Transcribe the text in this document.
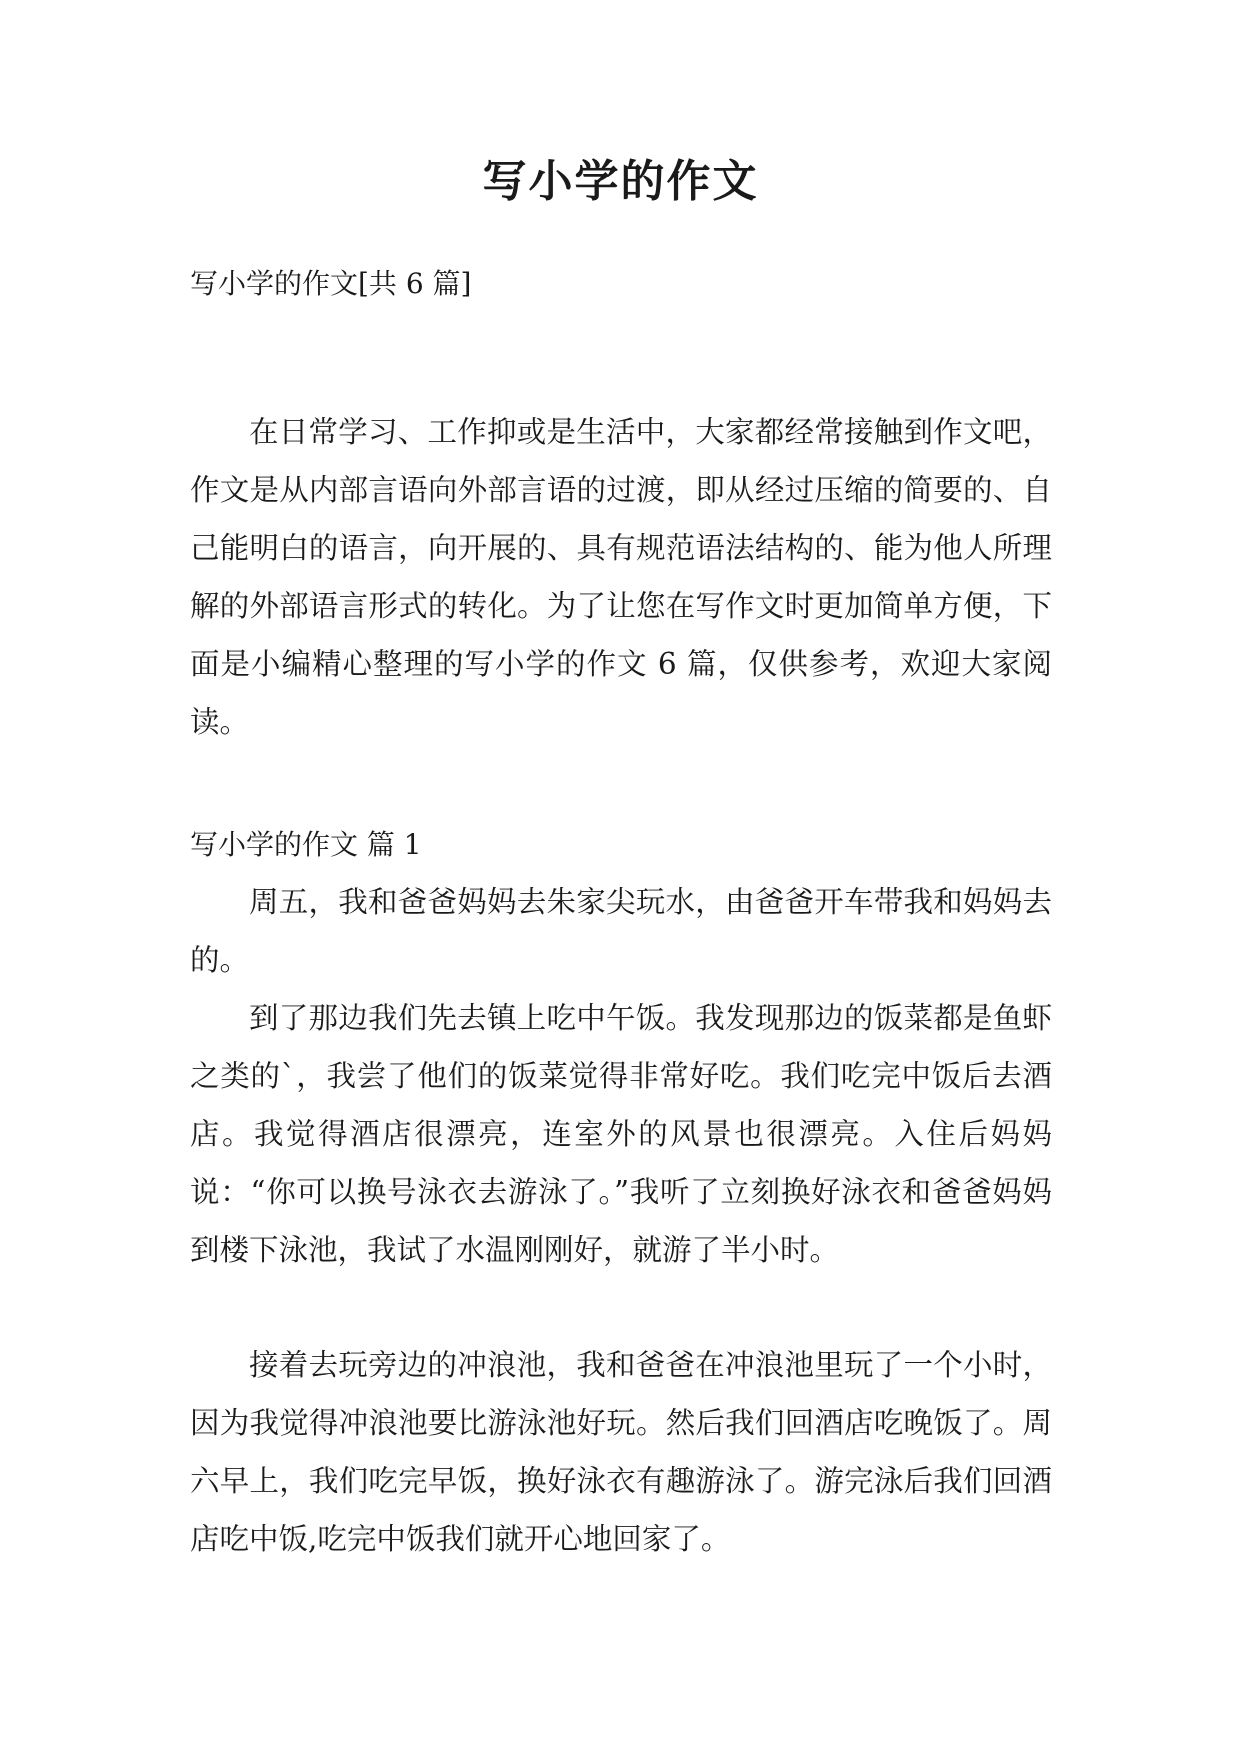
写小学的作文
写小学的作文[共 6 篇]

在日常学习、工作抑或是生活中，大家都经常接触到作文吧，作文是从内部言语向外部言语的过渡，即从经过压缩的简要的、自己能明白的语言，向开展的、具有规范语法结构的、能为他人所理解的外部语言形式的转化。为了让您在写作文时更加简单方便，下面是小编精心整理的写小学的作文 6 篇，仅供参考，欢迎大家阅读。

写小学的作文 篇 1

周五，我和爸爸妈妈去朱家尖玩水，由爸爸开车带我和妈妈去的。

到了那边我们先去镇上吃中午饭。我发现那边的饭菜都是鱼虾之类的`，我尝了他们的饭菜觉得非常好吃。我们吃完中饭后去酒店。我觉得酒店很漂亮，连室外的风景也很漂亮。入住后妈妈说：“你可以换号泳衣去游泳了。”我听了立刻换好泳衣和爸爸妈妈到楼下泳池，我试了水温刚刚好，就游了半小时。

接着去玩旁边的冲浪池，我和爸爸在冲浪池里玩了一个小时，因为我觉得冲浪池要比游泳池好玩。然后我们回酒店吃晚饭了。周六早上，我们吃完早饭，换好泳衣有趣游泳了。游完泳后我们回酒店吃中饭,吃完中饭我们就开心地回家了。
